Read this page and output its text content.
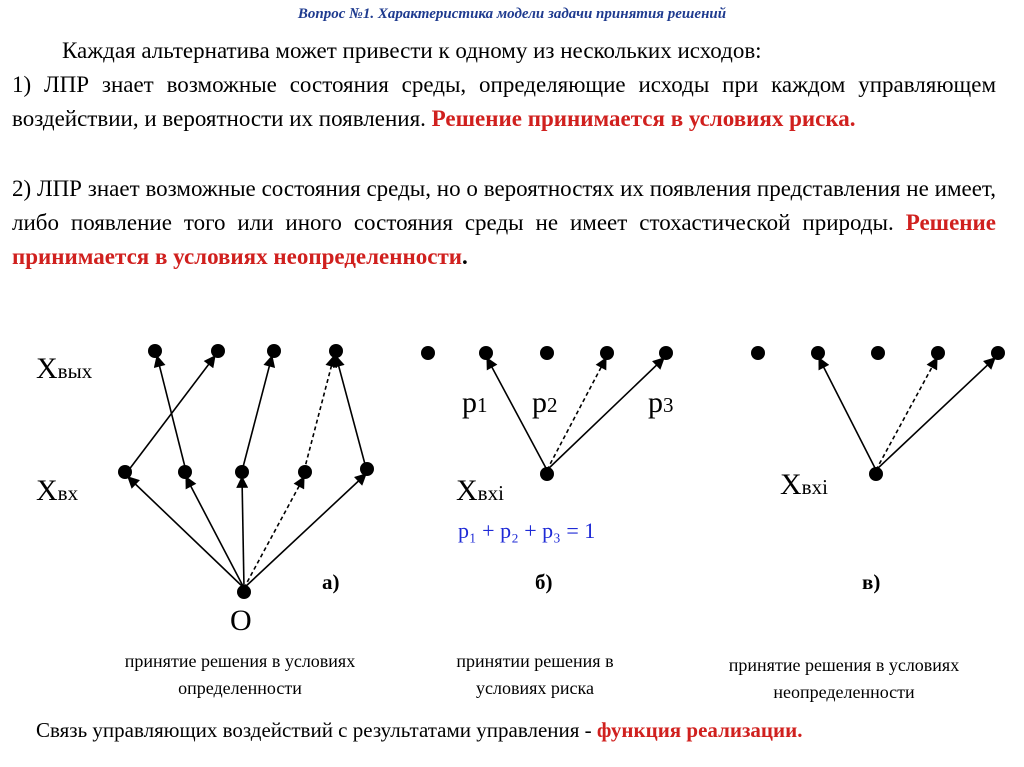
Вопрос №1. Характеристика модели задачи принятия решений
Каждая альтернатива может привести к одному из нескольких исходов:
1) ЛПР знает возможные состояния среды, определяющие исходы при каждом управляющем воздействии, и вероятности их появления. Решение принимается в условиях риска.
2) ЛПР знает возможные состояния среды, но о вероятностях их появления представления не имеет, либо появление того или иного состояния среды не имеет стохастической природы. Решение принимается в условиях неопределенности.
Xвых
Xвх
O
а)
принятие решения в условиях определенности
p1 p2	p3
Xвхi
p₁ + p₂ + p₃ = 1
б)
принятии решения в условиях риска
Xвхi
в)
принятие решения в условиях неопределенности
Связь управляющих воздействий с результатами управления - функция реализации.
